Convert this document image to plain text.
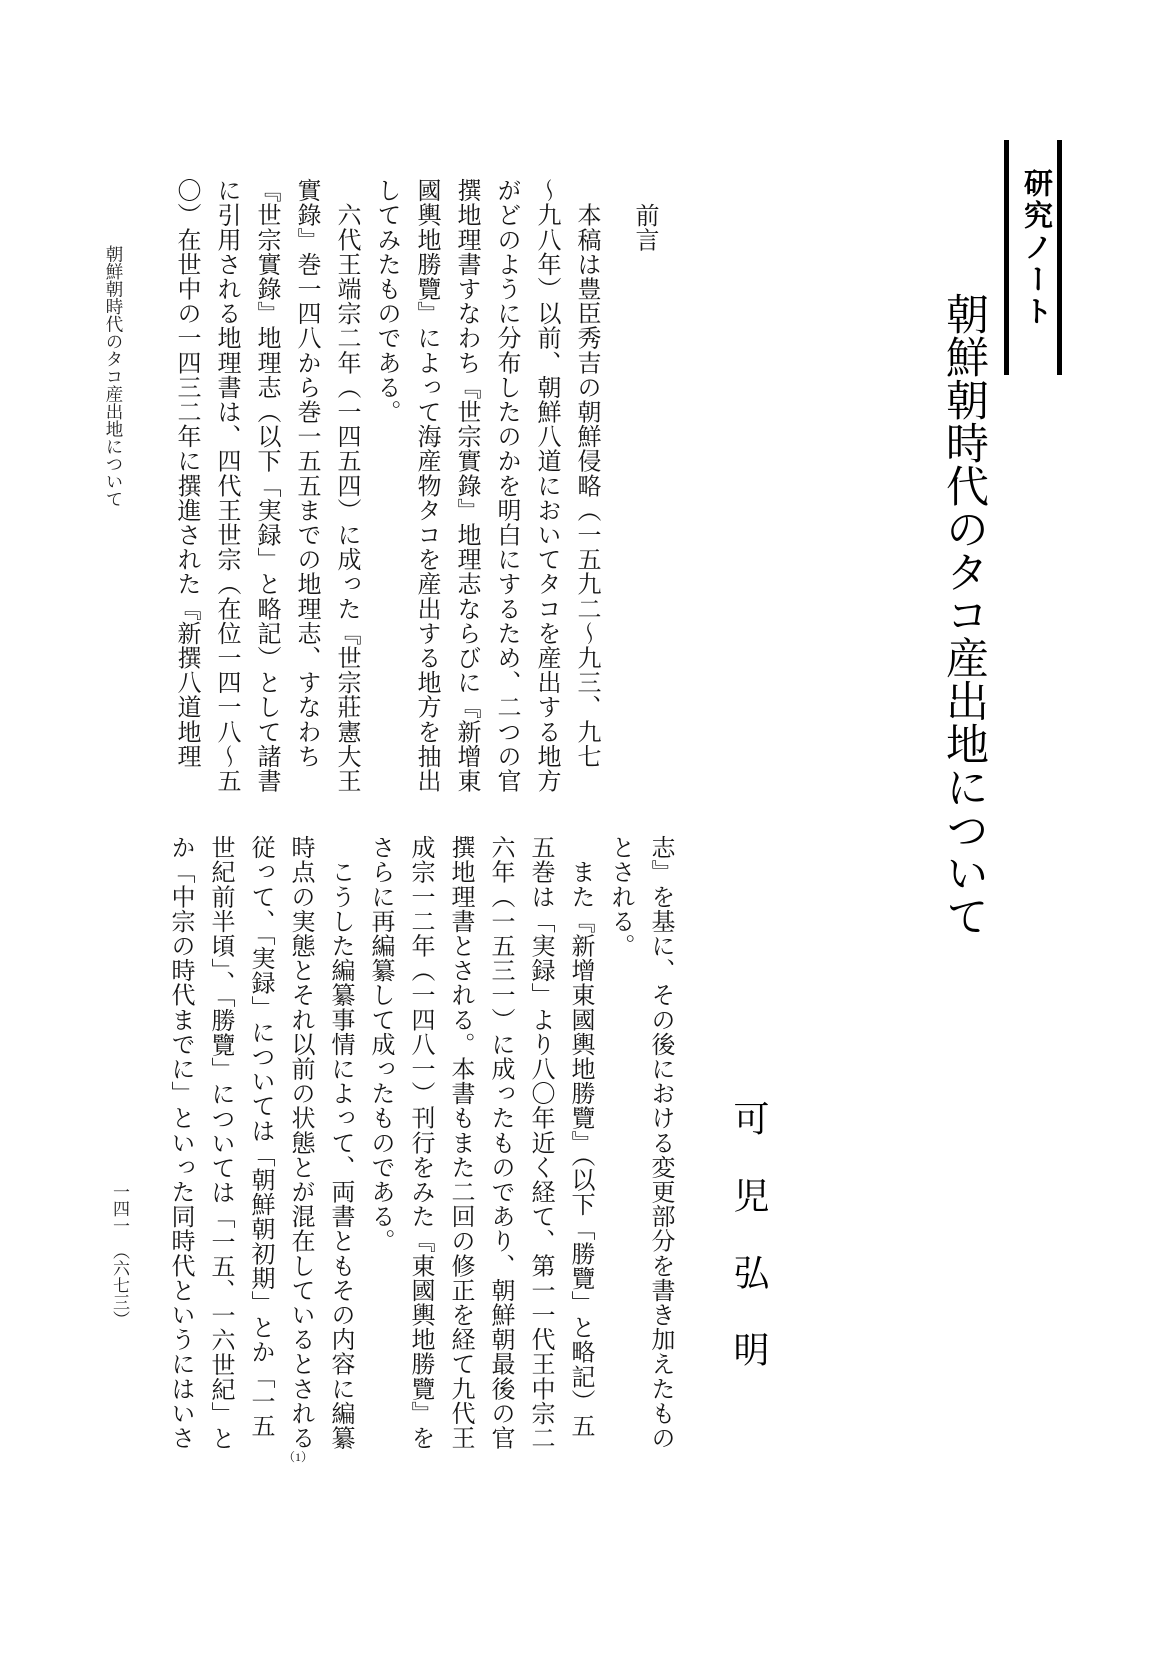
研究ノート
朝鮮朝時代のタコ産出地について
可児弘明
前言
　本稿は豊臣秀吉の朝鮮侵略（一五九二～九三、九七
～九八年）以前、朝鮮八道においてタコを産出する地方
がどのように分布したのかを明白にするため、二つの官
撰地理書すなわち『世宗實錄』地理志ならびに『新增東
國輿地勝覽』によって海産物タコを産出する地方を抽出
してみたものである。
　六代王端宗二年（一四五四）に成った『世宗莊憲大王
實錄』巻一四八から巻一五五までの地理志、すなわち
『世宗實錄』地理志（以下「実録」と略記）として諸書
に引用される地理書は、四代王世宗（在位一四一八～五
〇）在世中の一四三二年に撰進された『新撰八道地理
志』を基に、その後における変更部分を書き加えたもの
とされる。
　また『新增東國輿地勝覽』（以下「勝覽」と略記）五
五巻は「実録」より八〇年近く経て、第一一代王中宗二
六年（一五三一）に成ったものであり、朝鮮朝最後の官
撰地理書とされる。本書もまた二回の修正を経て九代王
成宗一二年（一四八一）刊行をみた『東國輿地勝覽』を
さらに再編纂して成ったものである。
　こうした編纂事情によって、両書ともその内容に編纂
時点の実態とそれ以前の状態とが混在しているとされる
従って、「実録」については「朝鮮朝初期」とか「一五
世紀前半頃」、「勝覽」については「一五、一六世紀」と
か「中宗の時代までに」といった同時代というにはいさ
（1）
朝鮮朝時代のタコ産出地について
一四一　（六七三）
